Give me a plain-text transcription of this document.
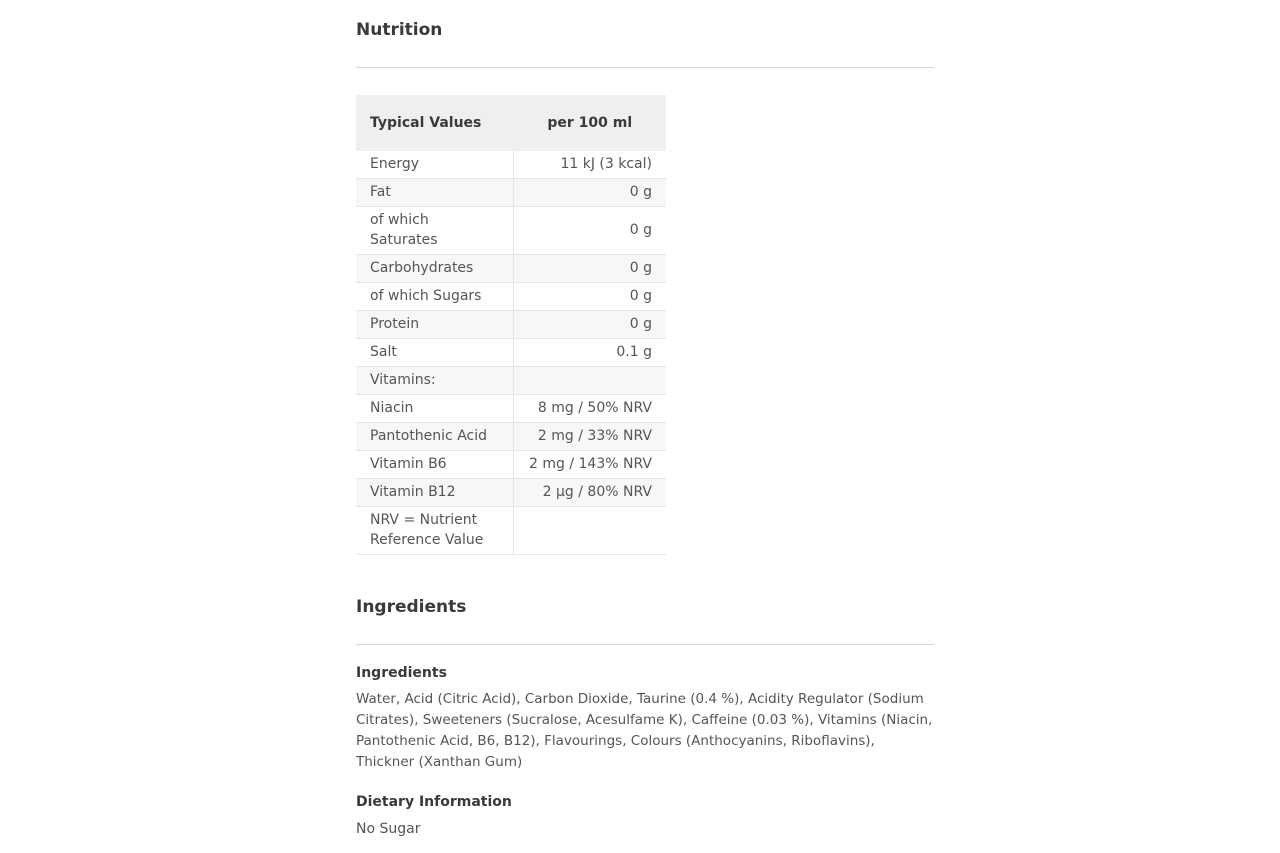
Nutrition
Typical Values	per 100 ml
Energy	11 kJ (3 kcal)
Fat	0 g
of which Saturates	0 g
Carbohydrates	0 g
of which Sugars	0 g
Protein	0 g
Salt	0.1 g
Vitamins:	
Niacin	8 mg / 50% NRV
Pantothenic Acid	2 mg / 33% NRV
Vitamin B6	2 mg / 143% NRV
Vitamin B12	2 µg / 80% NRV
NRV = Nutrient Reference Value	
Ingredients
Ingredients

Water, Acid (Citric Acid), Carbon Dioxide, Taurine (0.4 %), Acidity Regulator (Sodium Citrates), Sweeteners (Sucralose, Acesulfame K), Caffeine (0.03 %), Vitamins (Niacin, Pantothenic Acid, B6, B12), Flavourings, Colours (Anthocyanins, Riboflavins), Thickner (Xanthan Gum)

Dietary Information

No Sugar
